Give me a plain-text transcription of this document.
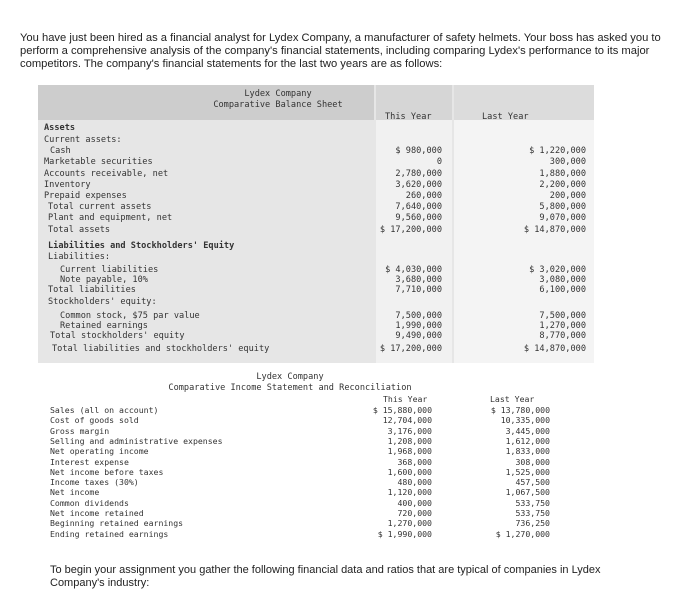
You have just been hired as a financial analyst for Lydex Company, a manufacturer of safety helmets. Your boss has asked you to perform a comprehensive analysis of the company's financial statements, including comparing Lydex's performance to its major competitors. The company's financial statements for the last two years are as follows:
Lydex Company
Comparative Balance Sheet
This Year	Last Year
Assets
Current assets:
Cash	$ 980,000	$ 1,220,000
Marketable securities	0	300,000
Accounts receivable, net	2,780,000	1,880,000
Inventory	3,620,000	2,200,000
Prepaid expenses	260,000	200,000
Total current assets	7,640,000	5,800,000
Plant and equipment, net	9,560,000	9,070,000
Total assets	$ 17,200,000	$ 14,870,000
Liabilities and Stockholders' Equity
Liabilities:
Current liabilities	$ 4,030,000	$ 3,020,000
Note payable, 10%	3,680,000	3,080,000
Total liabilities	7,710,000	6,100,000
Stockholders' equity:
Common stock, $75 par value	7,500,000	7,500,000
Retained earnings	1,990,000	1,270,000
Total stockholders' equity	9,490,000	8,770,000
Total liabilities and stockholders' equity	$ 17,200,000	$ 14,870,000
Lydex Company
Comparative Income Statement and Reconciliation
This Year	Last Year
Sales (all on account)	$ 15,880,000	$ 13,780,000
Cost of goods sold	12,704,000	10,335,000
Gross margin	3,176,000	3,445,000
Selling and administrative expenses	1,208,000	1,612,000
Net operating income	1,968,000	1,833,000
Interest expense	368,000	308,000
Net income before taxes	1,600,000	1,525,000
Income taxes (30%)	480,000	457,500
Net income	1,120,000	1,067,500
Common dividends	400,000	533,750
Net income retained	720,000	533,750
Beginning retained earnings	1,270,000	736,250
Ending retained earnings	$ 1,990,000	$ 1,270,000
To begin your assignment you gather the following financial data and ratios that are typical of companies in Lydex Company's industry:
